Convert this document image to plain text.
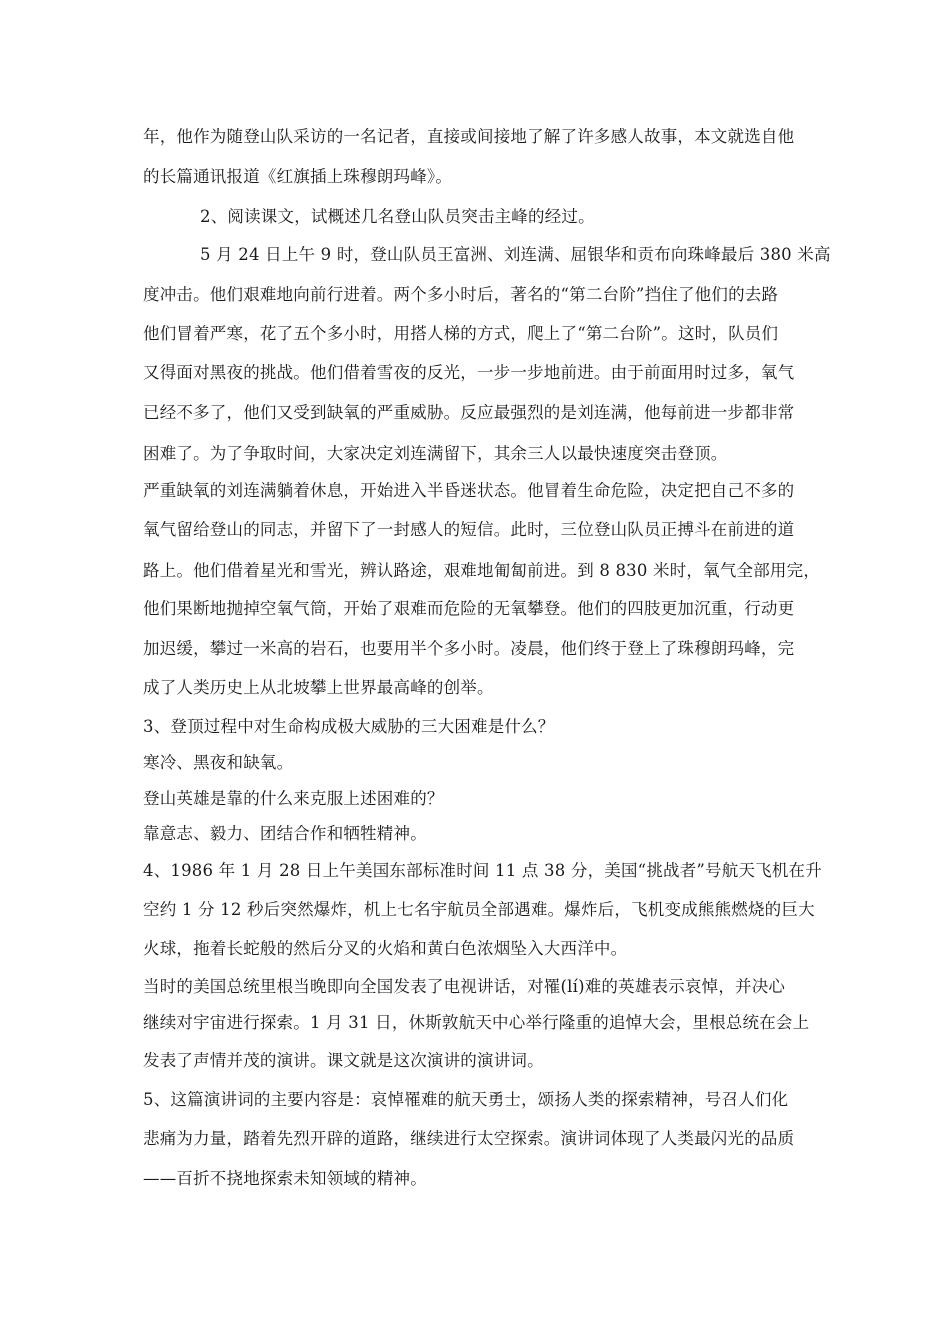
年，他作为随登山队采访的一名记者，直接或间接地了解了许多感人故事，本文就选自他

的长篇通讯报道《红旗插上珠穆朗玛峰》。

2、阅读课文，试概述几名登山队员突击主峰的经过。

5 月 24 日上午 9 时，登山队员王富洲、刘连满、屈银华和贡布向珠峰最后 380 米高

度冲击。他们艰难地向前行进着。两个多小时后，著名的“第二台阶”挡住了他们的去路

他们冒着严寒，花了五个多小时，用搭人梯的方式，爬上了“第二台阶”。这时，队员们

又得面对黑夜的挑战。他们借着雪夜的反光，一步一步地前进。由于前面用时过多，氧气

已经不多了，他们又受到缺氧的严重威胁。反应最强烈的是刘连满，他每前进一步都非常

困难了。为了争取时间，大家决定刘连满留下，其余三人以最快速度突击登顶。

严重缺氧的刘连满躺着休息，开始进入半昏迷状态。他冒着生命危险，决定把自己不多的

氧气留给登山的同志，并留下了一封感人的短信。此时，三位登山队员正搏斗在前进的道

路上。他们借着星光和雪光，辨认路途，艰难地匍匐前进。到 8 830 米时，氧气全部用完，

他们果断地抛掉空氧气筒，开始了艰难而危险的无氧攀登。他们的四肢更加沉重，行动更

加迟缓，攀过一米高的岩石，也要用半个多小时。凌晨，他们终于登上了珠穆朗玛峰，完

成了人类历史上从北坡攀上世界最高峰的创举。

3、登顶过程中对生命构成极大威胁的三大困难是什么？

寒冷、黑夜和缺氧。

登山英雄是靠的什么来克服上述困难的？

靠意志、毅力、团结合作和牺牲精神。

4、1986 年 1 月 28 日上午美国东部标准时间 11 点 38 分，美国“挑战者”号航天飞机在升

空约 1 分 12 秒后突然爆炸，机上七名宇航员全部遇难。爆炸后，飞机变成熊熊燃烧的巨大

火球，拖着长蛇般的然后分叉的火焰和黄白色浓烟坠入大西洋中。

当时的美国总统里根当晚即向全国发表了电视讲话，对罹(lí)难的英雄表示哀悼，并决心

继续对宇宙进行探索。1 月 31 日，休斯敦航天中心举行隆重的追悼大会，里根总统在会上

发表了声情并茂的演讲。课文就是这次演讲的演讲词。

5、这篇演讲词的主要内容是：哀悼罹难的航天勇士，颂扬人类的探索精神，号召人们化

悲痛为力量，踏着先烈开辟的道路，继续进行太空探索。演讲词体现了人类最闪光的品质

——百折不挠地探索未知领域的精神。
